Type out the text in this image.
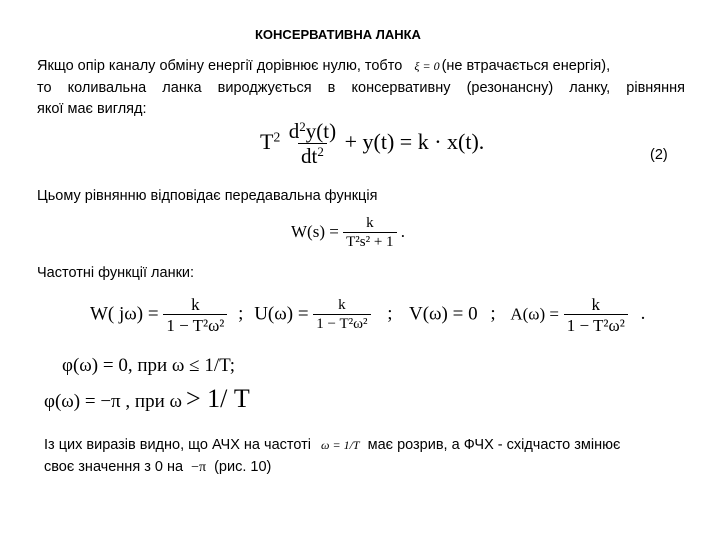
КОНСЕРВАТИВНА ЛАНКА
Якщо опір каналу обміну енергії дорівнює нулю, тобто ξ = 0 (не втрачається енергія),
то коливальна ланка вироджується в консервативну (резонансну) ланку, рівняння
якої має вигляд:
$T^2 \frac{d^2y(t)}{dt^2} + y(t) = k \cdot x(t)$.
(2)
Цьому рівнянню відповідає передавальна функція
$W(s) = \frac{k}{\text{T²s² + 1}}$ .
Частотні функції ланки:
W( $j\omega) = \frac{k}{\text{1 − T²ω²}}$ ; $U(\omega) = \frac{k}{\text{1 − T²ω²}}$ ; V(ω) = 0 ; $A(\omega) = \frac{k}{\text{1 − T²ω²}}$ .
φ(ω) = 0, при ω ≤ 1/T;
φ(ω) = −π , при ω > 1/ T
Із цих виразів видно, що АЧХ на частоті ω = 1/T має розрив, а ФЧХ - східчасто змінює
своє значення з 0 на −π (рис. 10)
